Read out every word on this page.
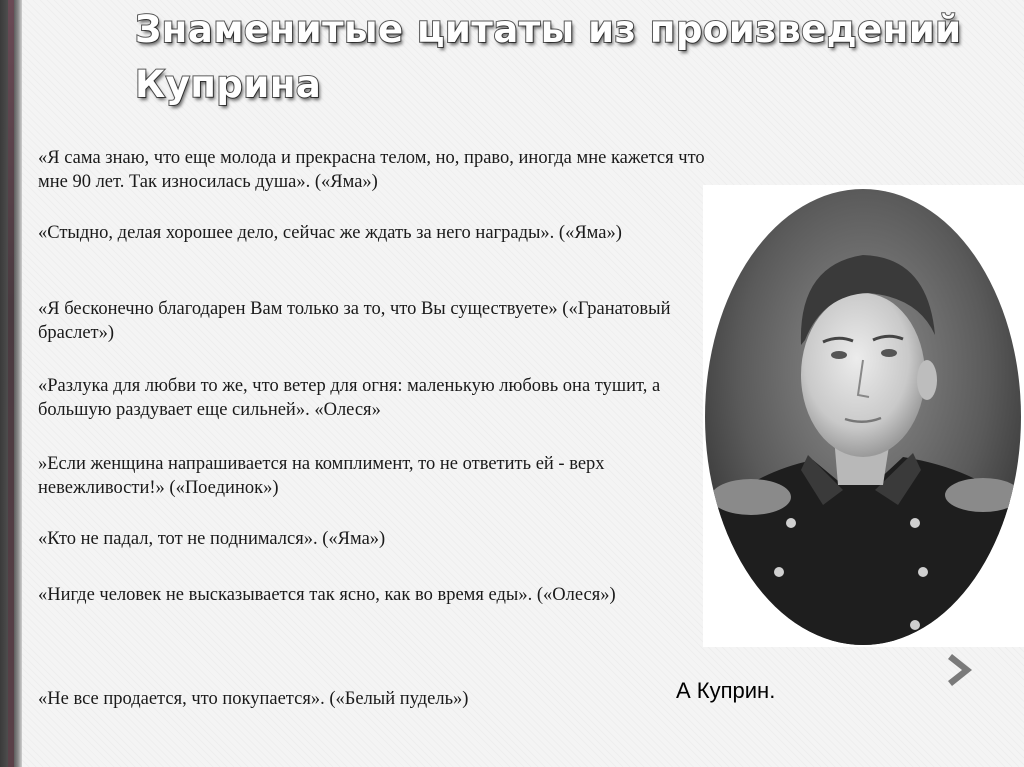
Знаменитые цитаты из произведений Куприна

«Я сама знаю, что еще молода и прекрасна телом, но, право, иногда мне кажется что мне 90 лет. Так износилась душа». («Яма»)

«Стыдно, делая хорошее дело, сейчас же ждать за него награды». («Яма»)

«Я бесконечно благодарен Вам только за то, что Вы существуете» («Гранатовый браслет»)

«Разлука для любви то же, что ветер для огня: маленькую любовь она тушит, а большую раздувает еще сильней». «Олеся»

»Если женщина напрашивается на комплимент, то не ответить ей - верх невежливости!» («Поединок»)

«Кто не падал, тот не поднимался». («Яма»)

«Нигде человек не высказывается так ясно, как во время еды». («Олеся»)

«Не все продается, что покупается». («Белый пудель»)	А Куприн.
